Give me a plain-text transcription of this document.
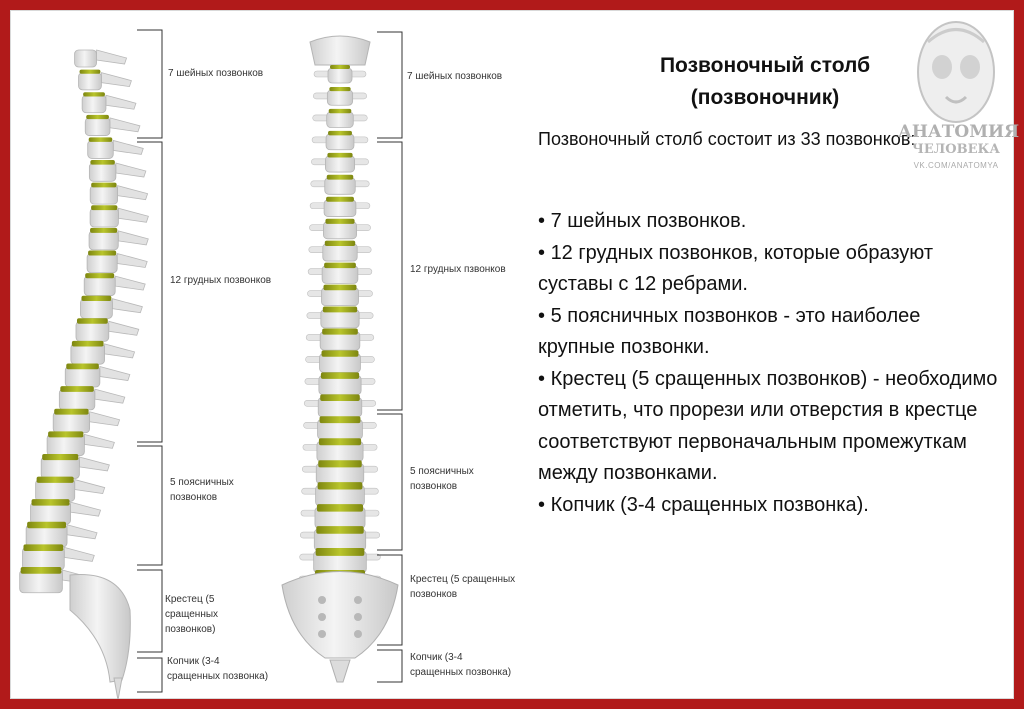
7 шейных позвонков
12 грудных позвонков
5 поясничных
позвонков
Крестец (5
сращенных
позвонков)
Копчик (3-4
сращенных позвонка)
7 шейных позвонков
12 грудных пзвонков
5 поясничных
позвонков
Крестец (5 сращенных
позвонков
Копчик (3-4
сращенных позвонка)
Позвоночный столб
(позвоночник)
Позвоночный столб состоит из 33 позвонков:
• 7 шейных позвонков.
• 12 грудных позвонков, которые образуют суставы с 12 ребрами.
• 5 поясничных позвонков - это наиболее крупные позвонки.
• Крестец (5 сращенных позвонков) - необходимо отметить, что прорези или отверстия в крестце соответствуют первоначальным промежуткам между позвонками.
• Копчик (3-4 сращенных позвонка).
АНАТОМИЯ
ЧЕЛОВЕКА
VK.COM/ANATOMYA
